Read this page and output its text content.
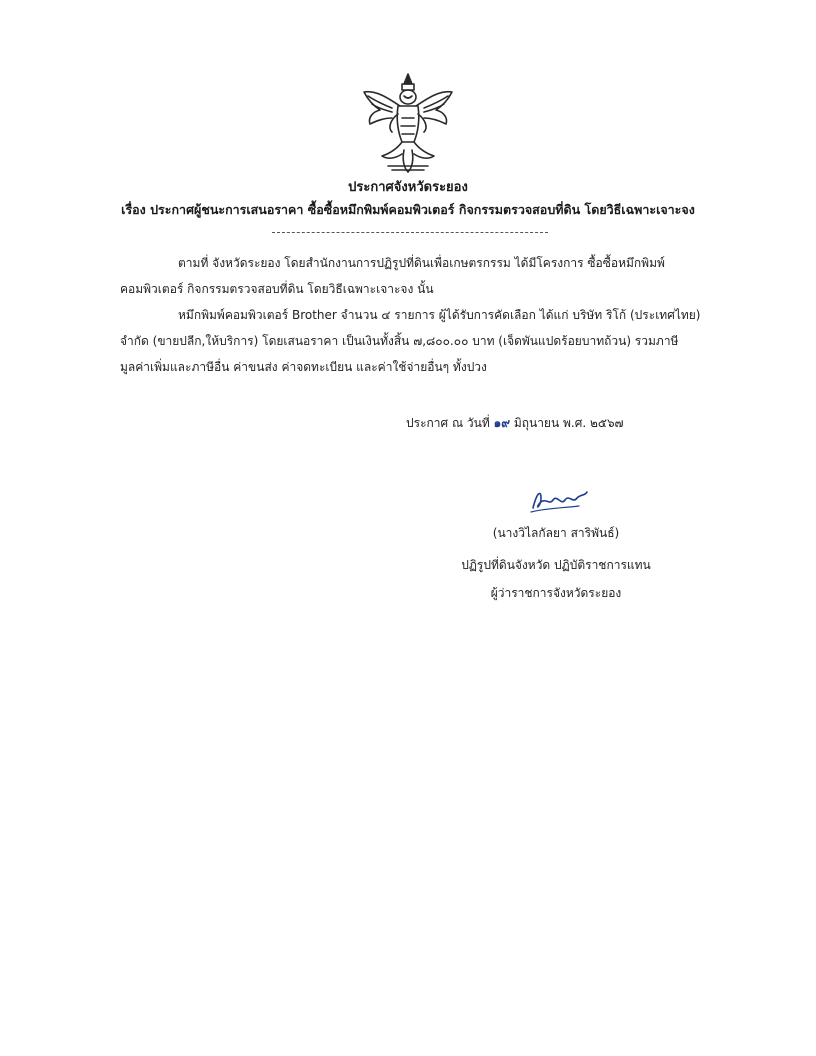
ประกาศจังหวัดระยอง
เรื่อง ประกาศผู้ชนะการเสนอราคา ซื้อซื้อหมึกพิมพ์คอมพิวเตอร์ กิจกรรมตรวจสอบที่ดิน โดยวิธีเฉพาะเจาะจง
ตามที่ จังหวัดระยอง โดยสำนักงานการปฏิรูปที่ดินเพื่อเกษตรกรรม ได้มีโครงการ ซื้อซื้อหมึกพิมพ์
คอมพิวเตอร์ กิจกรรมตรวจสอบที่ดิน โดยวิธีเฉพาะเจาะจง นั้น
หมึกพิมพ์คอมพิวเตอร์ Brother จำนวน ๔ รายการ ผู้ได้รับการคัดเลือก ได้แก่ บริษัท ริโก้ (ประเทศไทย)
จำกัด (ขายปลีก,ให้บริการ) โดยเสนอราคา เป็นเงินทั้งสิ้น ๗,๘๐๐.๐๐ บาท (เจ็ดพันแปดร้อยบาทถ้วน) รวมภาษี
มูลค่าเพิ่มและภาษีอื่น ค่าขนส่ง ค่าจดทะเบียน และค่าใช้จ่ายอื่นๆ ทั้งปวง
ประกาศ ณ วันที่ ๑๙ มิถุนายน พ.ศ. ๒๕๖๗
(นางวิไลกัลยา สาริพันธ์)
ปฏิรูปที่ดินจังหวัด ปฏิบัติราชการแทน
ผู้ว่าราชการจังหวัดระยอง
